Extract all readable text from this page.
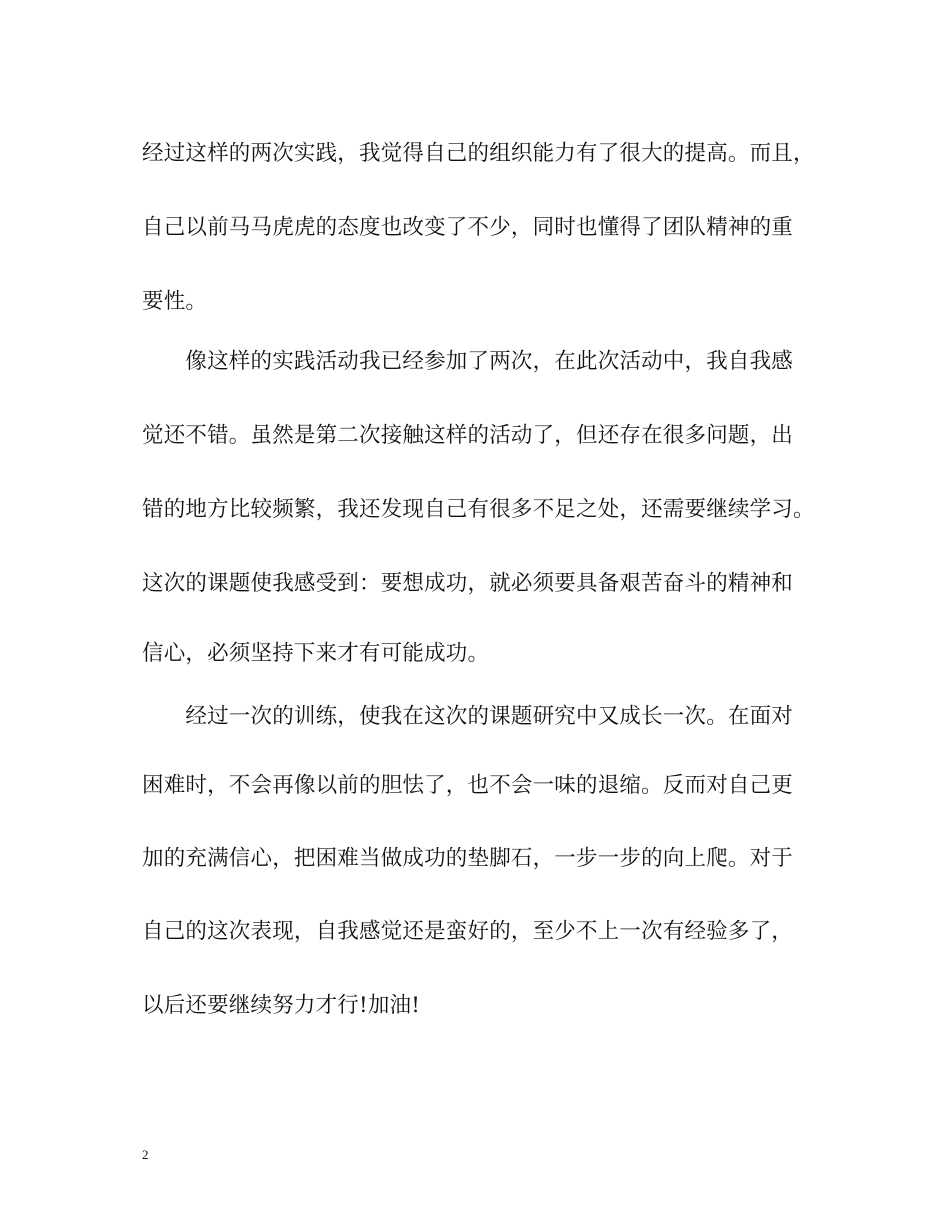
经过这样的两次实践，我觉得自己的组织能力有了很大的提高。而且，
自己以前马马虎虎的态度也改变了不少，同时也懂得了团队精神的重
要性。
　　像这样的实践活动我已经参加了两次，在此次活动中，我自我感
觉还不错。虽然是第二次接触这样的活动了，但还存在很多问题，出
错的地方比较频繁，我还发现自己有很多不足之处，还需要继续学习。
这次的课题使我感受到：要想成功，就必须要具备艰苦奋斗的精神和
信心，必须坚持下来才有可能成功。
　　经过一次的训练，使我在这次的课题研究中又成长一次。在面对
困难时，不会再像以前的胆怯了，也不会一味的退缩。反而对自己更
加的充满信心，把困难当做成功的垫脚石，一步一步的向上爬。对于
自己的这次表现，自我感觉还是蛮好的，至少不上一次有经验多了，
以后还要继续努力才行!加油!
2
